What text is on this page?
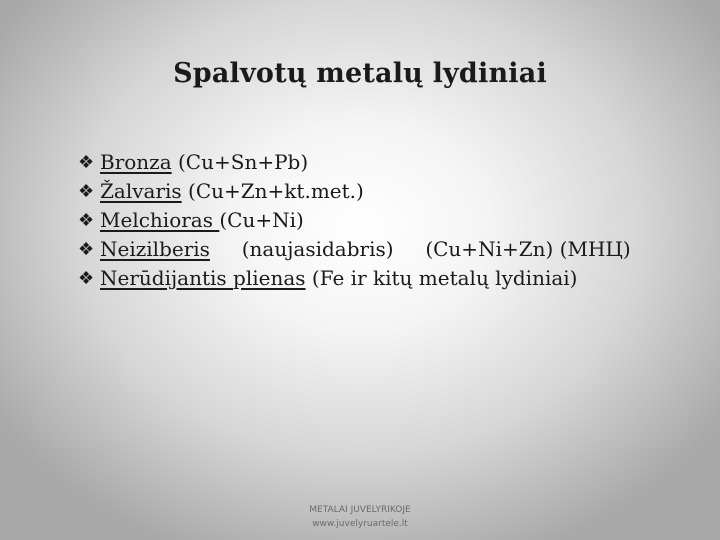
Spalvotų metalų lydiniai
❖ Bronza (Cu+Sn+Pb)
❖ Žalvaris (Cu+Zn+kt.met.)
❖ Melchioras (Cu+Ni)
❖ Neizilberis     (naujasidabris)     (Cu+Ni+Zn) (МНЦ)
❖ Nerūdijantis plienas (Fe ir kitų metalų lydiniai)
METALAI JUVELYRIKOJE
www.juvelyruartele.lt
